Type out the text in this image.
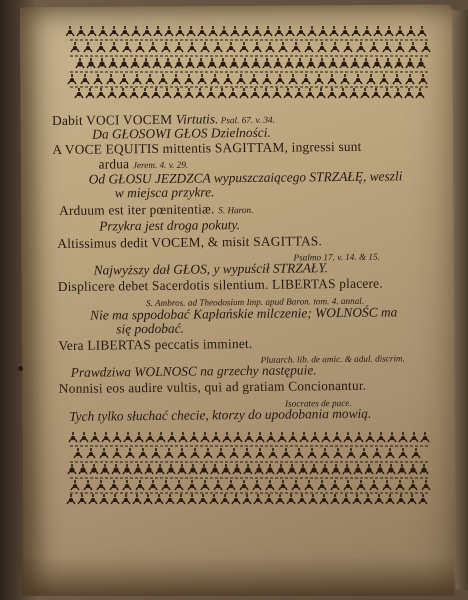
Dabit VOCI VOCEM Virtutis. Psal. 67. v. 34.
Da GŁOSOWI GŁOS Dzielności.
A VOCE EQUITIS mittentis SAGITTAM, ingressi sunt
ardua Jerem. 4. v. 29.
Od GŁOSU JEZDZCA wypuszczaiącego STRZAŁĘ, weszli
w miejsca przykre.
Arduum est iter pœnitentiæ. S. Haron.
Przykra jest droga pokuty.
Altissimus dedit VOCEM, & misit SAGITTAS.
Psalmo 17. v. 14. & 15.
Najwyższy dał GŁOS, y wypuścił STRZAŁY.
Displicere debet Sacerdotis silentium. LIBERTAS placere.
S. Ambros. ad Theodosium Imp. apud Baron. tom. 4. annal.
Nie ma sppodobać Kapłańskie milczenie; WOLNOŚC ma
się podobać.
Vera LIBERTAS peccatis imminet.
Plutarch. lib. de amic. & adul. discrim.
Prawdziwa WOLNOSC na grzechy następuie.
Nonnisi eos audire vultis, qui ad gratiam Concionantur.
Isocrates de pace.
Tych tylko słuchać checie, ktorzy do upodobania mowią.
